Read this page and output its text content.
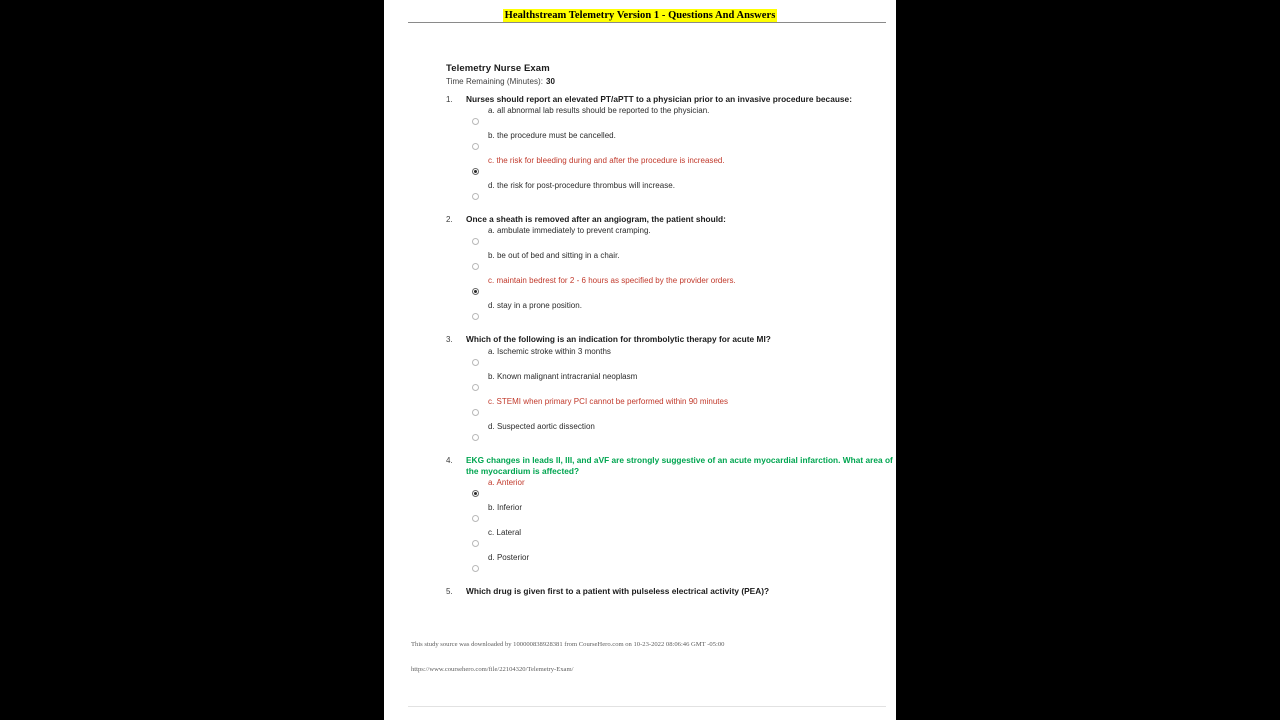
Healthstream Telemetry Version 1 - Questions And Answers
Telemetry Nurse Exam
Time Remaining (Minutes): 30
1.	Nurses should report an elevated PT/aPTT to a physician prior to an invasive procedure because:
a. all abnormal lab results should be reported to the physician.
b. the procedure must be cancelled.
c. the risk for bleeding during and after the procedure is increased.
d. the risk for post-procedure thrombus will increase.
2.	Once a sheath is removed after an angiogram, the patient should:
a. ambulate immediately to prevent cramping.
b. be out of bed and sitting in a chair.
c. maintain bedrest for 2 - 6 hours as specified by the provider orders.
d. stay in a prone position.
3.	Which of the following is an indication for thrombolytic therapy for acute MI?
a. Ischemic stroke within 3 months
b. Known malignant intracranial neoplasm
c. STEMI when primary PCI cannot be performed within 90 minutes
d. Suspected aortic dissection
4.	EKG changes in leads II, III, and aVF are strongly suggestive of an acute myocardial infarction. What area of the myocardium is affected?
a. Anterior
b. Inferior
c. Lateral
d. Posterior
5.	Which drug is given first to a patient with pulseless electrical activity (PEA)?
This study source was downloaded by 100000838928381 from CourseHero.com on 10-23-2022 08:06:46 GMT -05:00
https://www.coursehero.com/file/22104320/Telemetry-Exam/
